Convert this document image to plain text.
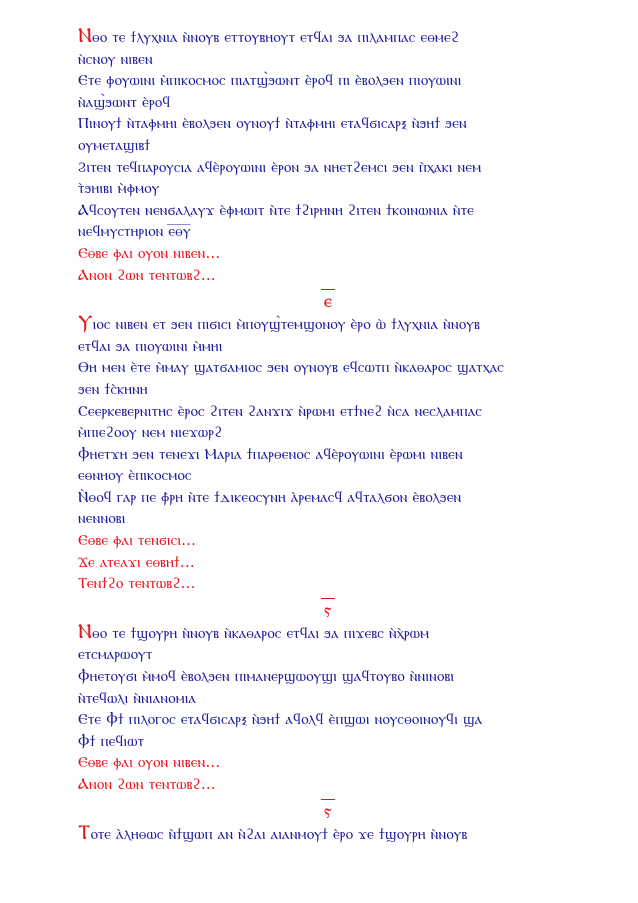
Ⲛⲑⲟ ⲧⲉ ϯⲗⲩⲭⲛⲓⲁ ⲛ̀ⲛⲟⲩⲃ ⲉⲧⲧⲟⲩⲃⲏⲟⲩⲧ ⲉⲧϥⲁⲓ ϧⲁ ⲡⲓⲗⲁⲙⲡⲁⲥ ⲉⲑⲙⲉϩ
ⲛ̀ⲥⲛⲟⲩ ⲛⲓⲃⲉⲛ
Ⲉⲧⲉ ⲫⲟⲩⲱⲓⲛⲓ ⲙ̀ⲡⲓⲕⲟⲥⲙⲟⲥ ⲡⲓⲁⲧϣ̀ϧⲱⲛⲧ ⲉ̀ⲣⲟϥ ⲡⲓ ⲉ̀ⲃⲟⲗϧⲉⲛ ⲡⲓⲟⲩⲱⲓⲛⲓ
ⲛ̀ⲁϣ̀ϧⲱⲛⲧ ⲉ̀ⲣⲟϥ
Ⲡⲓⲛⲟⲩϯ ⲛ̀ⲧⲁⲫⲙⲏⲓ ⲉ̀ⲃⲟⲗϧⲉⲛ ⲟⲩⲛⲟⲩϯ ⲛ̀ⲧⲁⲫⲙⲏⲓ ⲉⲧⲁϥϭⲓⲥⲁⲣⲝ ⲛ̀ϧⲏϯ ϧⲉⲛ
ⲟⲩⲙⲉⲧⲁϣⲓⲃϯ
Ϩⲓⲧⲉⲛ ⲧⲉϥⲡⲁⲣⲟⲩⲥⲓⲁ ⲁϥⲉ̀ⲣⲟⲩⲱⲓⲛⲓ ⲉ̀ⲣⲟⲛ ϧⲁ ⲛⲏⲉⲧϩⲉⲙⲥⲓ ϧⲉⲛ ⲡ̀ⲭⲁⲕⲓ ⲛⲉⲙ
ⲧ̀ϧⲏⲓⲃⲓ ⲙ̀ⲫⲙⲟⲩ
Ⲁϥⲥⲟⲩⲧⲉⲛ ⲛⲉⲛϭⲁⲗⲁⲩϫ ⲉ̀ⲫⲙⲱⲓⲧ ⲛ̀ⲧⲉ ϯϩⲓⲣⲏⲛⲏ ϩⲓⲧⲉⲛ ϯⲕⲟⲓⲛⲱⲛⲓⲁ ⲛ̀ⲧⲉ
ⲛⲉϥⲙⲩⲥⲧⲏⲣⲓⲟⲛ ⲉ̅ⲑ̅ⲩ̅
Ⲉⲑⲃⲉ ⲫⲁⲓ ⲟⲩⲟⲛ ⲛⲓⲃⲉⲛ...
Ⲁⲛⲟⲛ ϩⲱⲛ ⲧⲉⲛⲧⲱⲃϩ...
ⲉ
Ⲩⲓⲟⲥ ⲛⲓⲃⲉⲛ ⲉⲧ ϧⲉⲛ ⲡⲓϭⲓⲥⲓ ⲙ̀ⲡⲟⲩϣ̀ⲧⲉⲙϣⲟⲛⲟⲩ ⲉ̀ⲣⲟ ⲱ̀ ϯⲗⲩⲭⲛⲓⲁ ⲛ̀ⲛⲟⲩⲃ
ⲉⲧϥⲁⲓ ϧⲁ ⲡⲓⲟⲩⲱⲓⲛⲓ ⲙ̀ⲙⲏⲓ
Ⲑⲏ ⲙⲉⲛ ⲉ̀ⲧⲉ ⲙ̀ⲙⲁⲩ ϣⲁⲧϭⲁⲙⲓⲟⲥ ϧⲉⲛ ⲟⲩⲛⲟⲩⲃ ⲉϥⲥⲱⲧⲡ ⲛ̀ⲕⲁⲑⲁⲣⲟⲥ ϣⲁⲧⲭⲁⲥ
ϧⲉⲛ ϯⲥ̀ⲕⲏⲛⲏ
Ⲥⲉⲉⲣⲕⲉⲃⲉⲣⲛⲓⲧⲏⲥ ⲉ̀ⲣⲟⲥ ϩⲓⲧⲉⲛ ϩⲁⲛϫⲓϫ ⲛ̀ⲣⲱⲙⲓ ⲉⲧϯⲛⲉϩ ⲛ̀ⲥⲁ ⲛⲉⲥⲗⲁⲙⲡⲁⲥ
ⲙ̀ⲡⲓⲉϩⲟⲟⲩ ⲛⲉⲙ ⲛⲓⲉϫⲱⲣϩ
Ⲫⲏⲉⲧϫⲏ ϧⲉⲛ ⲧⲉⲛⲉϫⲓ Ⲙⲁⲣⲓⲁ ϯⲡⲁⲣⲑⲉⲛⲟⲥ ⲁϥⲉ̀ⲣⲟⲩⲱⲓⲛⲓ ⲉ̀ⲣⲱⲙⲓ ⲛⲓⲃⲉⲛ
ⲉⲑⲛⲏⲟⲩ ⲉ̀ⲡⲓⲕⲟⲥⲙⲟⲥ
Ⲛ̀ⲑⲟϥ ⲅⲁⲣ ⲡⲉ ⲫ̀ⲣⲏ ⲛ̀ⲧⲉ ϯⲇⲓⲕⲉⲟⲥⲩⲛⲏ ⲁ̀ⲣⲉⲙⲁⲥϥ ⲁϥⲧⲁⲗϭⲟⲛ ⲉ̀ⲃⲟⲗϧⲉⲛ
ⲛⲉⲛⲛⲟⲃⲓ
Ⲉⲑⲃⲉ ⲫⲁⲓ ⲧⲉⲛϭⲓⲥⲓ...
Ϫⲉ ⲁⲧⲉⲁϫⲓ ⲉⲑⲃⲏϯ...
Ⲧⲉⲛϯϩⲟ ⲧⲉⲛⲧⲱⲃϩ...
ⲋ
Ⲛⲑⲟ ⲧⲉ ϯϣⲟⲩⲣⲏ ⲛ̀ⲛⲟⲩⲃ ⲛ̀ⲕⲁⲑⲁⲣⲟⲥ ⲉⲧϥⲁⲓ ϧⲁ ⲡⲓϫⲉⲃⲥ ⲛ̀ⲭ̀ⲣⲱⲙ
ⲉⲧⲥⲙⲁⲣⲱⲟⲩⲧ
Ⲫⲏⲉⲧⲟⲩϭⲓ ⲙ̀ⲙⲟϥ ⲉ̀ⲃⲟⲗϧⲉⲛ ⲡⲓⲙⲁⲛⲉⲣϣⲱⲟⲩϣⲓ ϣⲁϥⲧⲟⲩⲃⲟ ⲛ̀ⲛⲓⲛⲟⲃⲓ
ⲛ̀ⲧⲉϥⲱⲗⲓ ⲛ̀ⲛⲓⲁⲛⲟⲙⲓⲁ
Ⲉⲧⲉ Ⲫϯ ⲡⲓⲗⲟⲅⲟⲥ ⲉⲧⲁϥϭⲓⲥⲁⲣⲝ ⲛ̀ϧⲏϯ ⲁϥⲟⲗϥ ⲉ̀ⲡϣⲱⲓ ⲛⲟⲩⲥⲑⲟⲓⲛⲟⲩϥⲓ ϣⲁ
Ⲫϯ ⲡⲉϥⲓⲱⲧ
Ⲉⲑⲃⲉ ⲫⲁⲓ ⲟⲩⲟⲛ ⲛⲓⲃⲉⲛ...
Ⲁⲛⲟⲛ ϩⲱⲛ ⲧⲉⲛⲧⲱⲃϩ...
ⲋ
Ⲧⲟⲧⲉ ⲁ̀ⲗⲏⲑⲱⲥ ⲛ̀ϯϣⲱⲡ ⲁⲛ ⲛ̀ϩⲁⲓ ⲁⲓⲁⲛⲙⲟⲩϯ ⲉ̀ⲣⲟ ϫⲉ ϯϣⲟⲩⲣⲏ ⲛ̀ⲛⲟⲩⲃ
